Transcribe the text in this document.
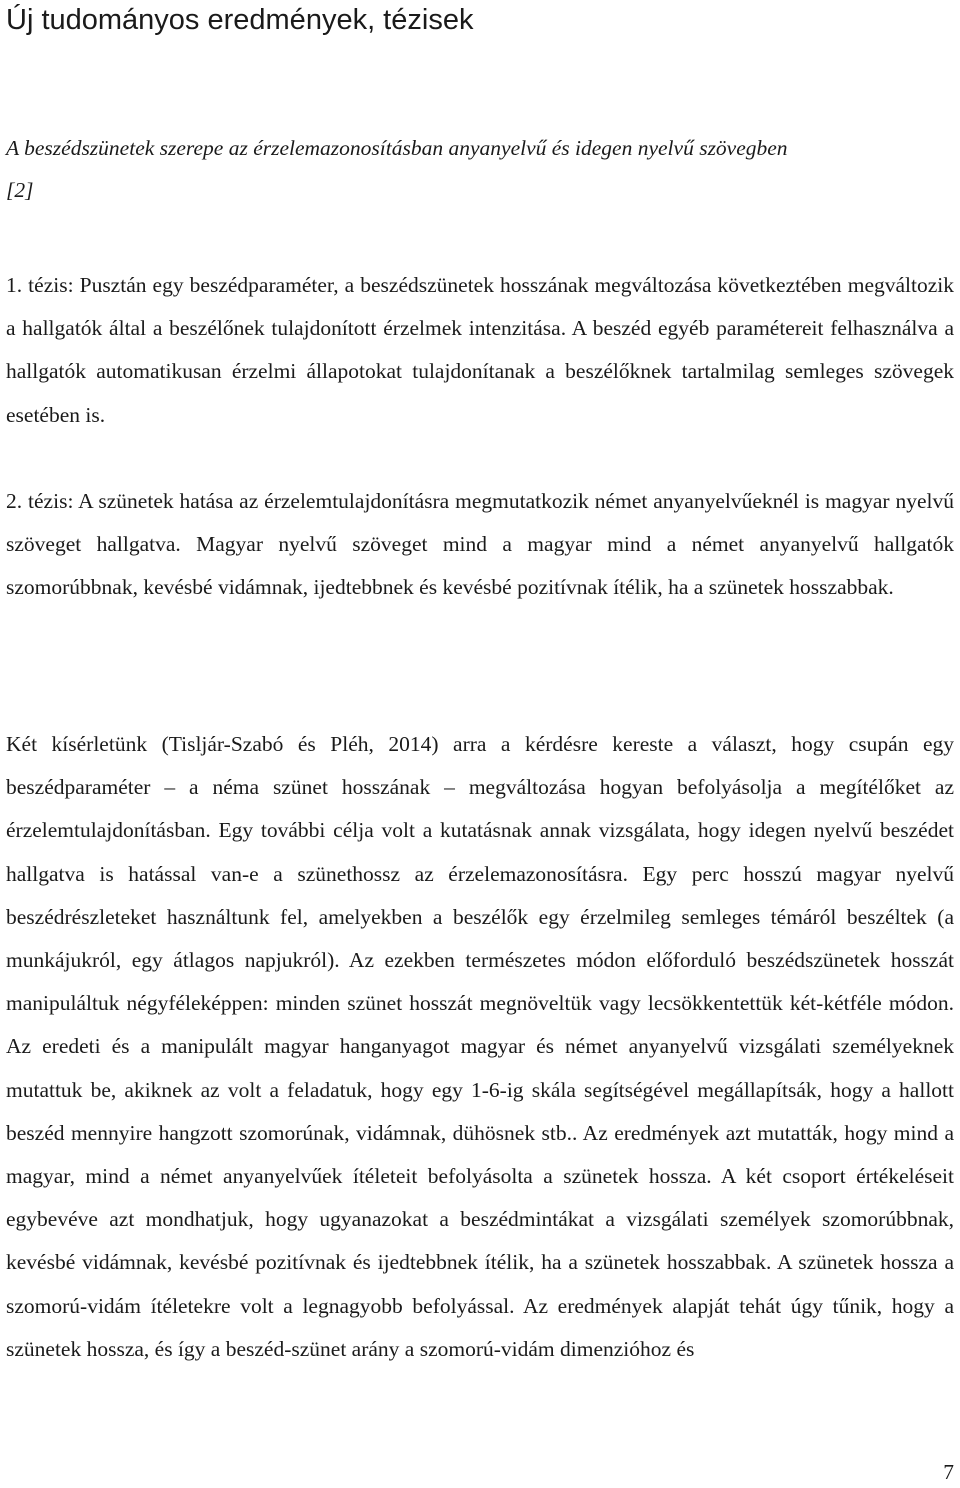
Új tudományos eredmények, tézisek

A beszédszünetek szerepe az érzelemazonosításban anyanyelvű és idegen nyelvű szövegben
[2]

1. tézis: Pusztán egy beszédparaméter, a beszédszünetek hosszának megváltozása következtében megváltozik a hallgatók által a beszélőnek tulajdonított érzelmek intenzitása. A beszéd egyéb paramétereit felhasználva a hallgatók automatikusan érzelmi állapotokat tulajdonítanak a beszélőknek tartalmilag semleges szövegek esetében is.

2. tézis: A szünetek hatása az érzelemtulajdonításra megmutatkozik német anyanyelvűeknél is magyar nyelvű szöveget hallgatva. Magyar nyelvű szöveget mind a magyar mind a német anyanyelvű hallgatók szomorúbbnak, kevésbé vidámnak, ijedtebbnek és kevésbé pozitívnak ítélik, ha a szünetek hosszabbak.

Két kísérletünk (Tisljár-Szabó és Pléh, 2014) arra a kérdésre kereste a választ, hogy csupán egy beszédparaméter – a néma szünet hosszának – megváltozása hogyan befolyásolja a megítélőket az érzelemtulajdonításban. Egy további célja volt a kutatásnak annak vizsgálata, hogy idegen nyelvű beszédet hallgatva is hatással van-e a szünethossz az érzelemazonosításra. Egy perc hosszú magyar nyelvű beszédrészleteket használtunk fel, amelyekben a beszélők egy érzelmileg semleges témáról beszéltek (a munkájukról, egy átlagos napjukról). Az ezekben természetes módon előforduló beszédszünetek hosszát manipuláltuk négyféleképpen: minden szünet hosszát megnöveltük vagy lecsökkentettük két-kétféle módon. Az eredeti és a manipulált magyar hanganyagot magyar és német anyanyelvű vizsgálati személyeknek mutattuk be, akiknek az volt a feladatuk, hogy egy 1-6-ig skála segítségével megállapítsák, hogy a hallott beszéd mennyire hangzott szomorúnak, vidámnak, dühösnek stb.. Az eredmények azt mutatták, hogy mind a magyar, mind a német anyanyelvűek ítéleteit befolyásolta a szünetek hossza. A két csoport értékeléseit egybevéve azt mondhatjuk, hogy ugyanazokat a beszédmintákat a vizsgálati személyek szomorúbbnak, kevésbé vidámnak, kevésbé pozitívnak és ijedtebbnek ítélik, ha a szünetek hosszabbak. A szünetek hossza a szomorú-vidám ítéletekre volt a legnagyobb befolyással. Az eredmények alapját tehát úgy tűnik, hogy a szünetek hossza, és így a beszéd-szünet arány a szomorú-vidám dimenzióhoz és

7
